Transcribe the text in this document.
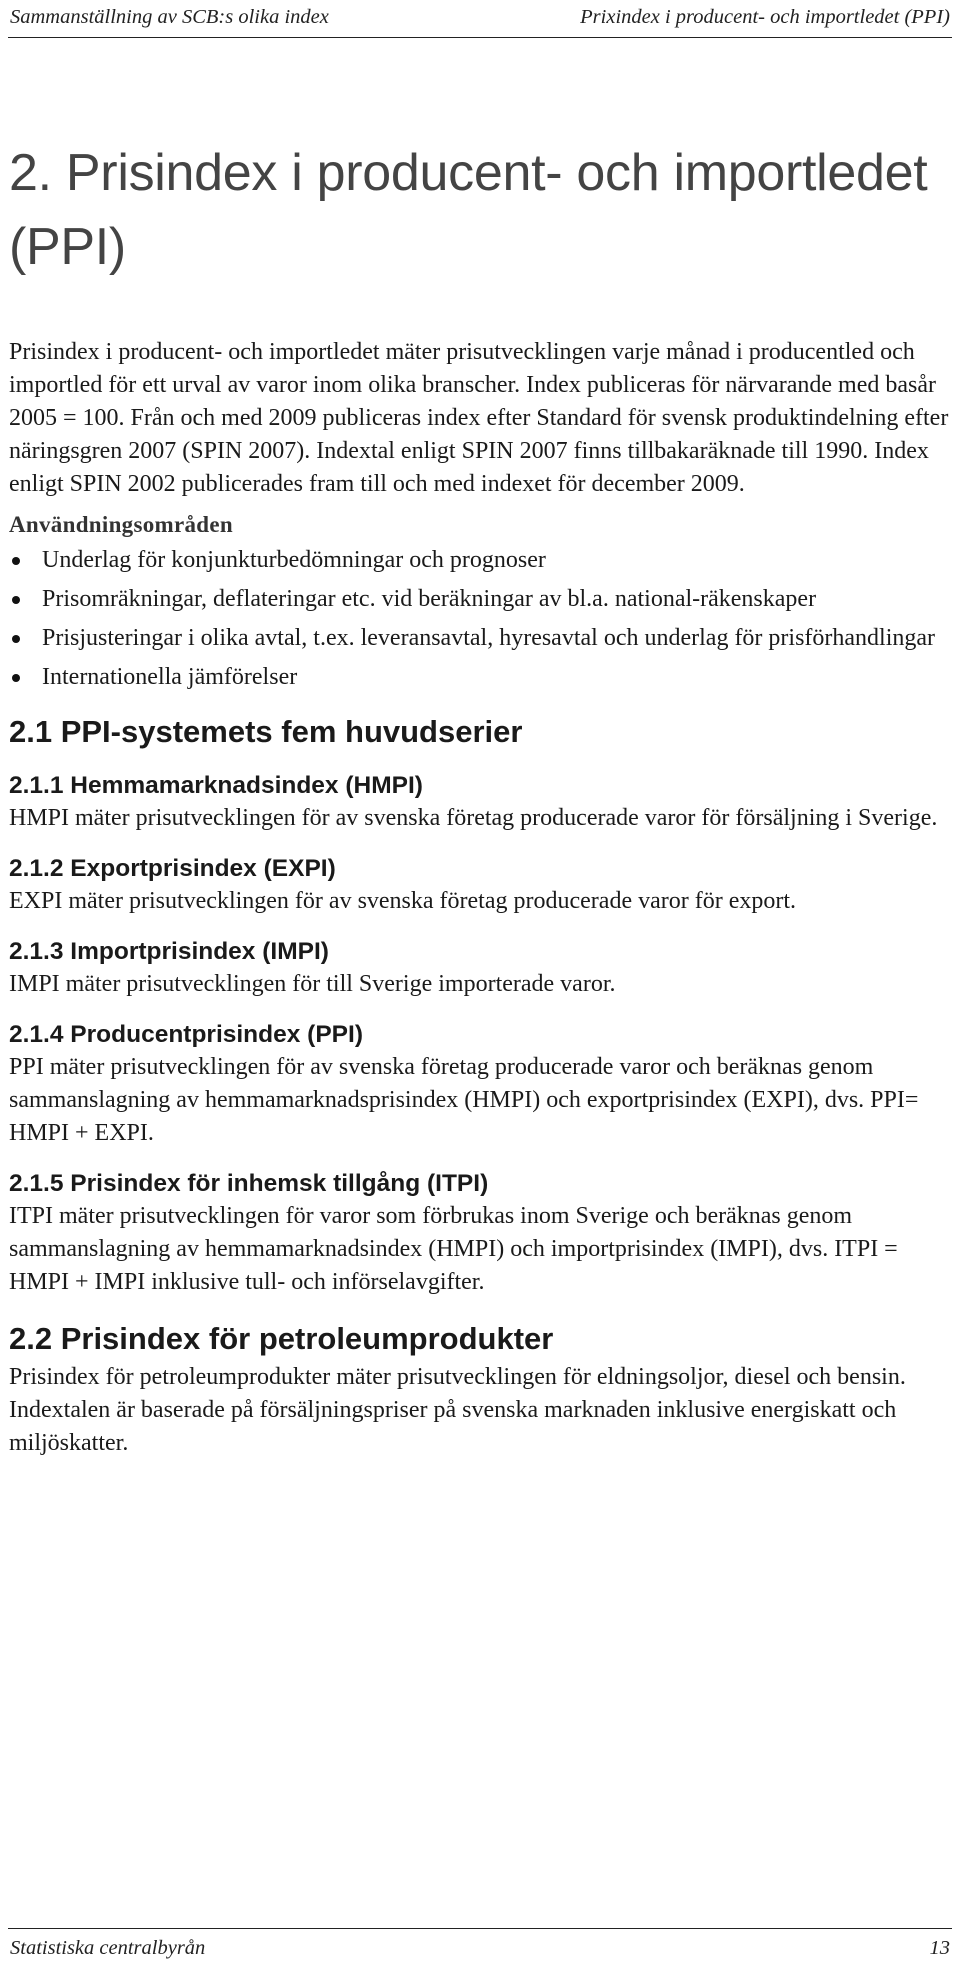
Sammanställning av SCB:s olika index	Prixindex i producent- och importledet (PPI)
2. Prisindex i producent- och importledet (PPI)

Prisindex i producent- och importledet mäter prisutvecklingen varje månad i producentled och importled för ett urval av varor inom olika branscher. Index publiceras för närvarande med basår 2005 = 100. Från och med 2009 publiceras index efter Standard för svensk produktindelning efter näringsgren 2007 (SPIN 2007). Indextal enligt SPIN 2007 finns tillbakaräknade till 1990. Index enligt SPIN 2002 publicerades fram till och med indexet för december 2009.

Användningsområden

Underlag för konjunkturbedömningar och prognoser
Prisomräkningar, deflateringar etc. vid beräkningar av bl.a. national-räkenskaper
Prisjusteringar i olika avtal, t.ex. leveransavtal, hyresavtal och underlag för prisförhandlingar
Internationella jämförelser
2.1 PPI-systemets fem huvudserier
2.1.1 Hemmamarknadsindex (HMPI)

HMPI mäter prisutvecklingen för av svenska företag producerade varor för försäljning i Sverige.

2.1.2 Exportprisindex (EXPI)

EXPI mäter prisutvecklingen för av svenska företag producerade varor för export.

2.1.3 Importprisindex (IMPI)

IMPI mäter prisutvecklingen för till Sverige importerade varor.

2.1.4 Producentprisindex (PPI)

PPI mäter prisutvecklingen för av svenska företag producerade varor och beräknas genom sammanslagning av hemmamarknadsprisindex (HMPI) och exportprisindex (EXPI), dvs. PPI= HMPI + EXPI.

2.1.5 Prisindex för inhemsk tillgång (ITPI)

ITPI mäter prisutvecklingen för varor som förbrukas inom Sverige och beräknas genom sammanslagning av hemmamarknadsindex (HMPI) och importprisindex (IMPI), dvs. ITPI = HMPI + IMPI inklusive tull- och införselavgifter.

2.2 Prisindex för petroleumprodukter

Prisindex för petroleumprodukter mäter prisutvecklingen för eldningsoljor, diesel och bensin. Indextalen är baserade på försäljningspriser på svenska marknaden inklusive energiskatt och miljöskatter.

Statistiska centralbyrån	13
